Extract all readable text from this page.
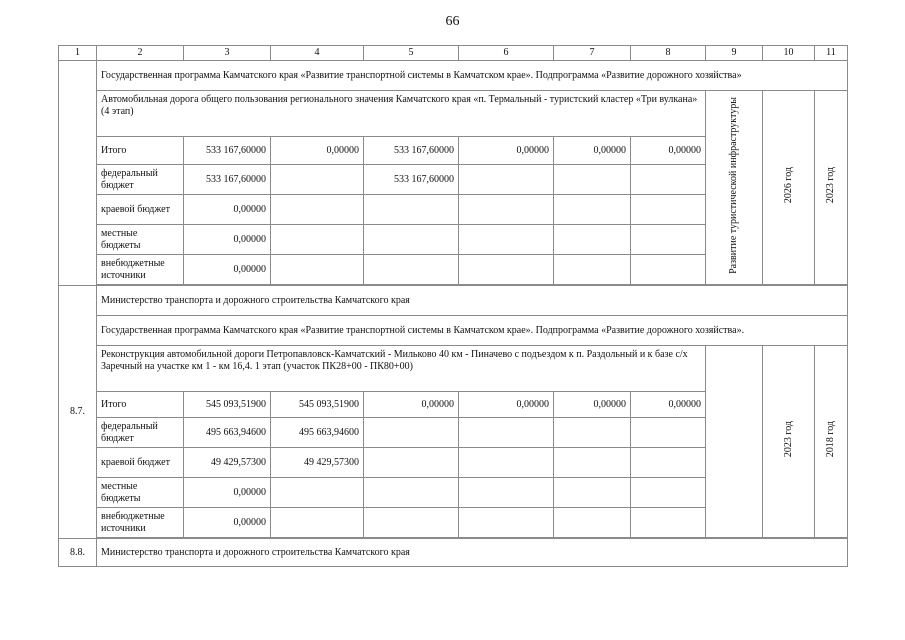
66
1	2	3	4	5	6	7	8	9	10	11
	Государственная программа Камчатского края «Развитие транспортной системы в Камчатском крае». Подпрограмма «Развитие дорожного хозяйства»									
	Автомобильная дорога общего пользования регионального значения Камчатского края «п. Термальный - туристский кластер «Три вулкана» (4 этап)							Развитие туристической инфраструктуры	2026 год	2023 год
	Итого	533 167,60000	0,00000	533 167,60000	0,00000	0,00000	0,00000			
	федеральный бюджет	533 167,60000		533 167,60000						
	краевой бюджет	0,00000								
	местные бюджеты	0,00000								
	внебюджетные источники	0,00000								

8.7.	Министерство транспорта и дорожного строительства Камчатского края									
	Государственная программа Камчатского края «Развитие транспортной системы в Камчатском крае». Подпрограмма «Развитие дорожного хозяйства».									
	Реконструкция автомобильной дороги Петропавловск-Камчатский - Мильково 40 км - Пиначево с подъездом к п. Раздольный и к базе с/х Заречный на участке км 1 - км 16,4. 1 этап (участок ПК28+00 - ПК80+00)								2023 год	2018 год
	Итого	545 093,51900	545 093,51900	0,00000	0,00000	0,00000	0,00000			
	федеральный бюджет	495 663,94600	495 663,94600							
	краевой бюджет	49 429,57300	49 429,57300							
	местные бюджеты	0,00000								
	внебюджетные источники	0,00000								

8.8.	Министерство транспорта и дорожного строительства Камчатского края									
